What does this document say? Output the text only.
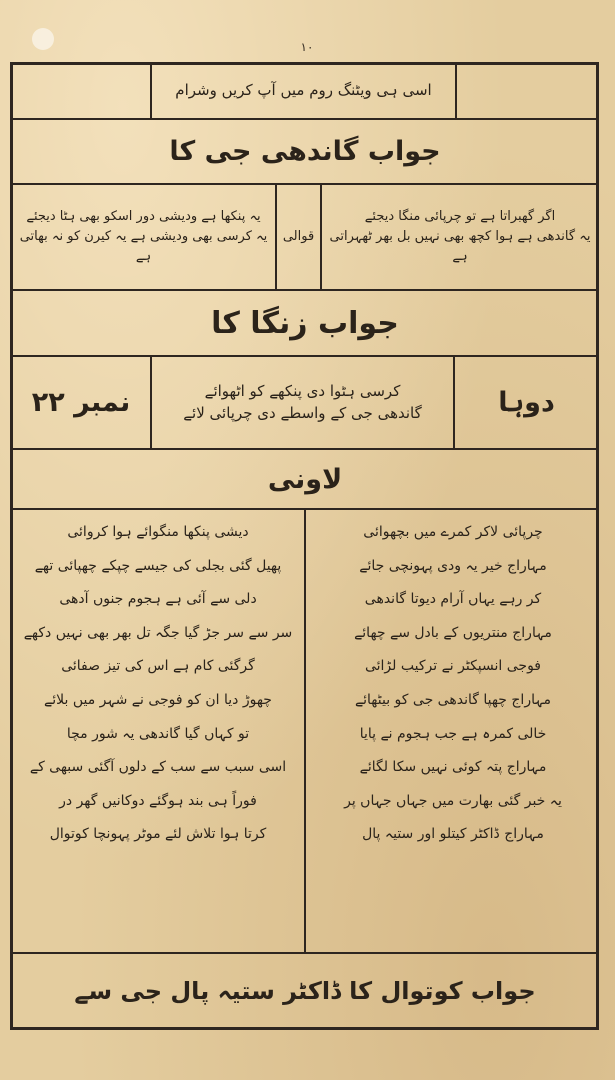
۱۰
اسی ہی ویٹنگ روم میں آپ کریں وشرام
جواب گاندھی جی کا
اگر گھبراتا ہے تو چرپائی منگا دیجئے
یہ گاندھی ہے ہوا کچھ بھی نہیں بل بھر ٹھہراتی ہے
قوالی
یہ پنکھا ہے ودیشی دور اسکو بھی ہٹا دیجئے
یہ کرسی بھی ودیشی ہے یہ کیرن کو نہ بھاتی ہے
جواب زنگا کا
دوہا
کرسی ہٹوا دی پنکھے کو اٹھوائے
گاندھی جی کے واسطے دی چرپائی لائے
نمبر ۲۲
لاونی
چرپائی لاکر کمرے میں بچھوائی
مہاراج خیر یہ ودی پہونچی جائے
کر رہے یہاں آرام دیوتا گاندھی
مہاراج منتریوں کے بادل سے چھائے
فوجی انسپکٹر نے ترکیب لڑائی
مہاراج چھپا گاندھی جی کو بیٹھائے
خالی کمرہ ہے جب ہجوم نے پایا
مہاراج پتہ کوئی نہیں سکا لگائے
یہ خبر گئی بھارت میں جہاں جہاں پر
مہاراج ڈاکٹر کیتلو اور ستیہ پال
دیشی پنکھا منگوائے ہوا کروائی
پھیل گئی بجلی کی جیسے چپکے چھپائی تھے
دلی سے آئی ہے ہجوم جنوں آدھی
سر سے سر جڑ گیا جگہ تل بھر بھی نہیں دکھے
گرگئی کام ہے اس کی تیز صفائی
چھوڑ دیا ان کو فوجی نے شہر میں بلائے
تو کہاں گیا گاندھی یہ شور مچا
اسی سبب سے سب کے دلوں آگئی سبھی کے
فوراً ہی بند ہوگئے دوکانیں گھر در
کرتا ہوا تلاش لئے موٹر پہونچا کوتوال
جواب کوتوال کا ڈاکٹر ستیہ پال جی سے
